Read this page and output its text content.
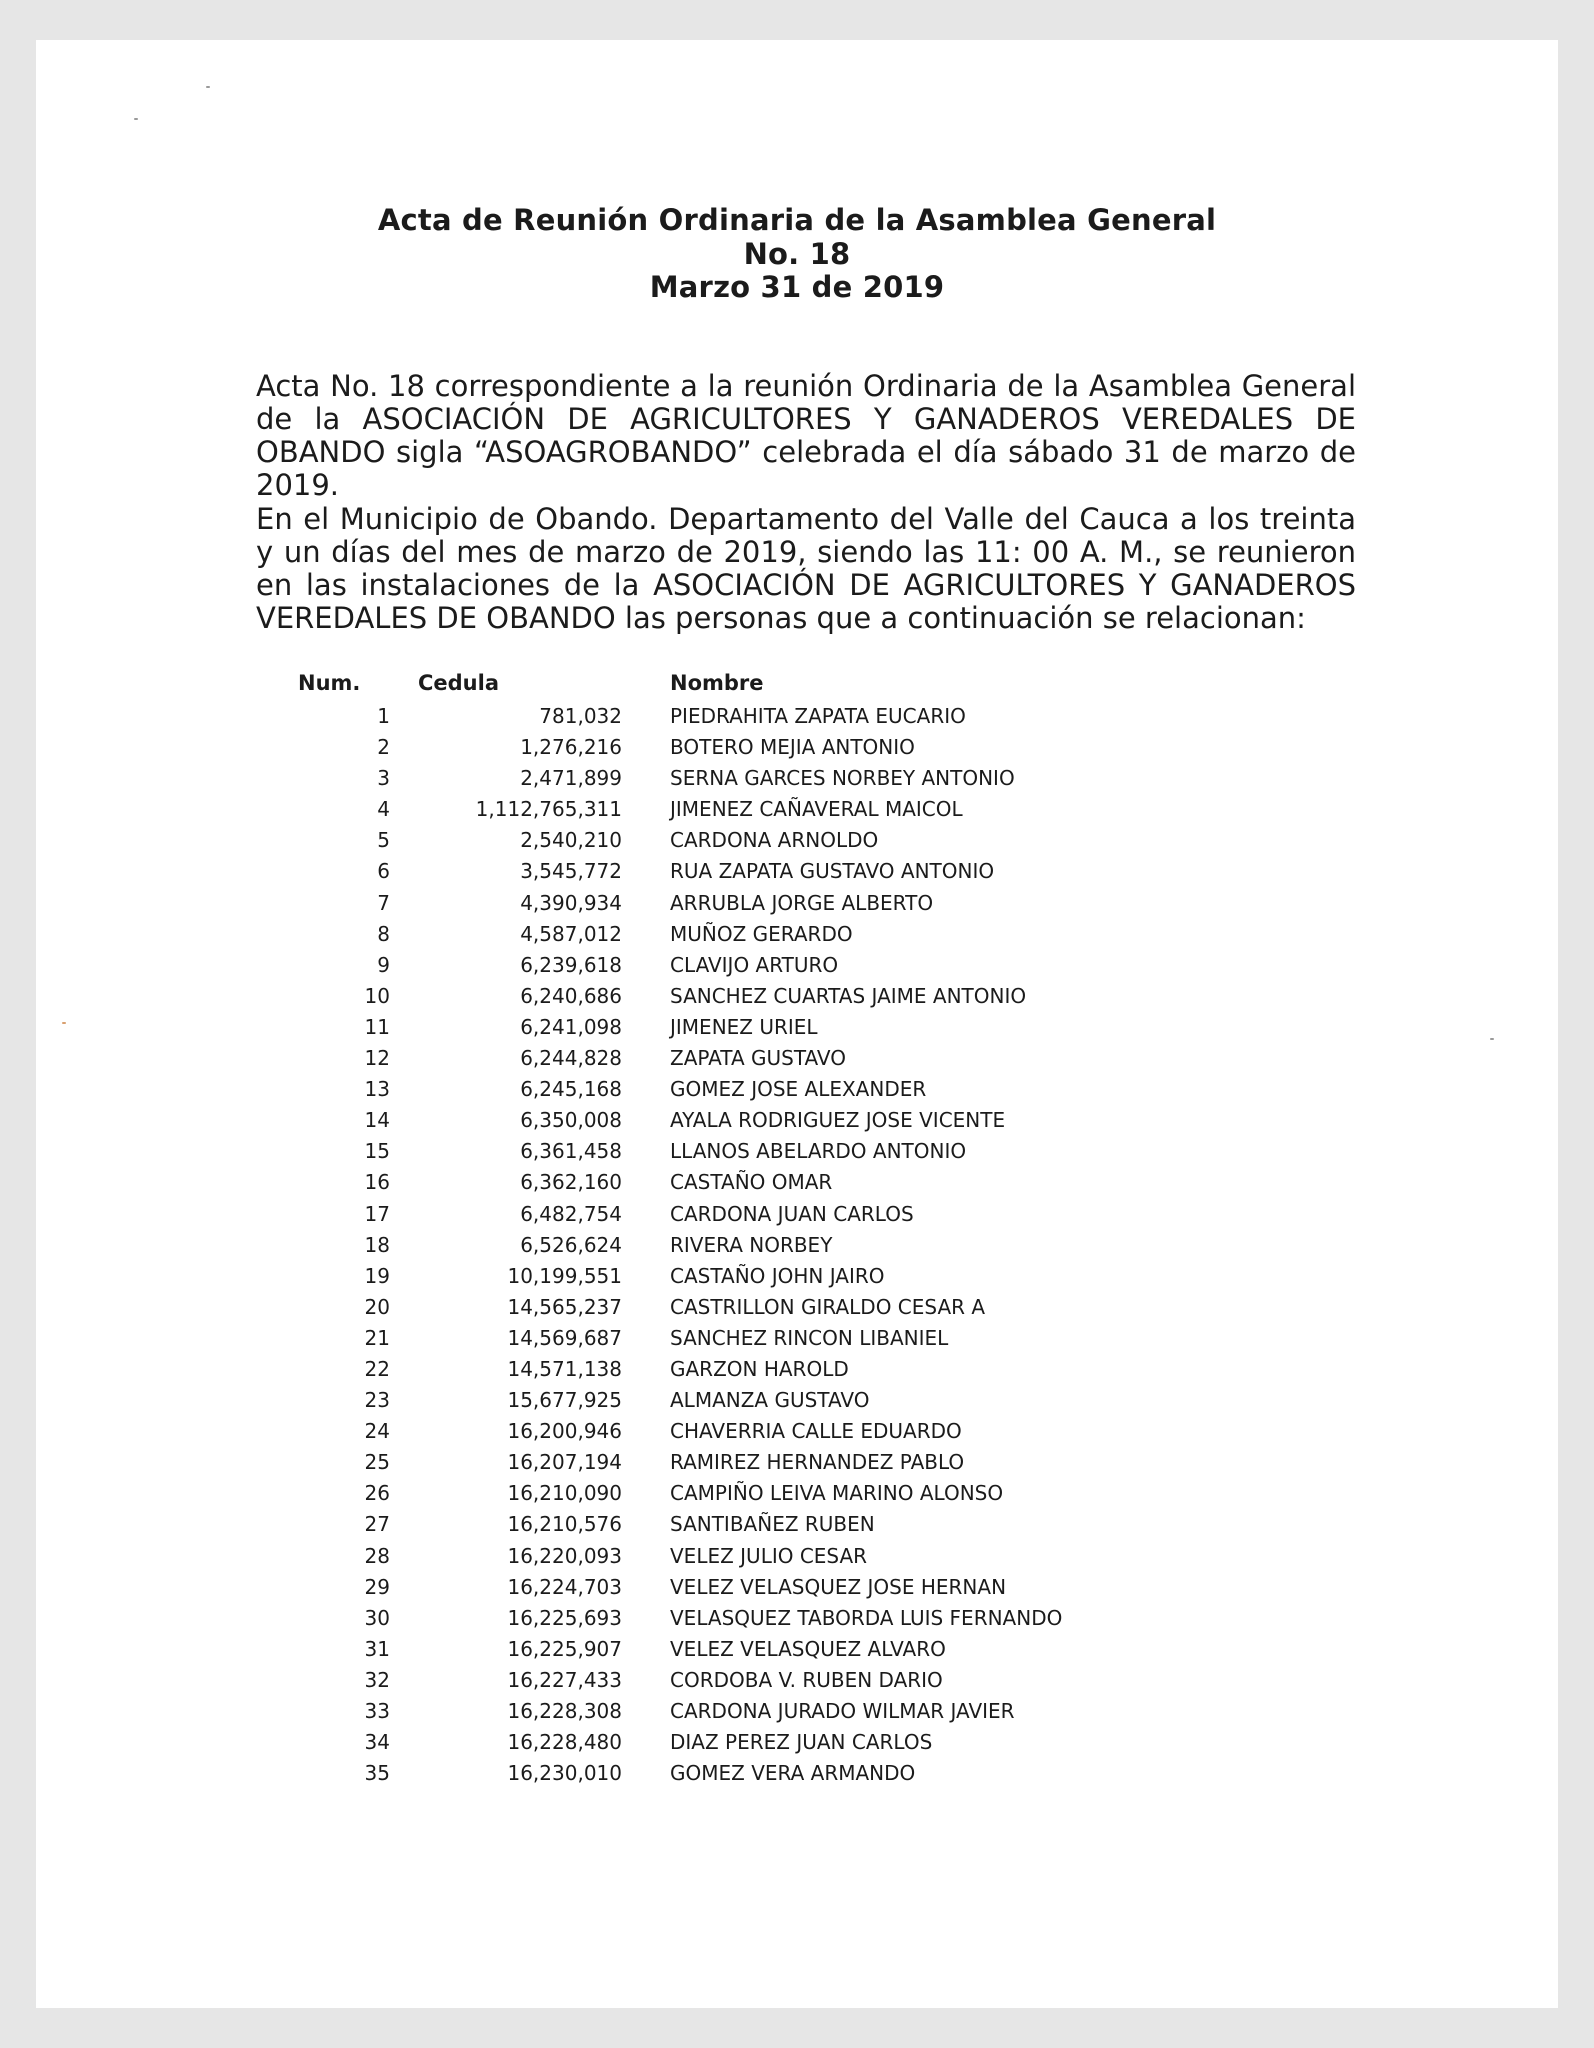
Acta de Reunión Ordinaria de la Asamblea General
No. 18
Marzo 31 de 2019

Acta No. 18 correspondiente a la reunión Ordinaria de la Asamblea General de la ASOCIACIÓN DE AGRICULTORES Y GANADEROS VEREDALES DE OBANDO sigla “ASOAGROBANDO” celebrada el día sábado 31 de marzo de 2019.

En el Municipio de Obando. Departamento del Valle del Cauca a los treinta y un días del mes de marzo de 2019, siendo las 11: 00 A. M., se reunieron en las instalaciones de la ASOCIACIÓN DE AGRICULTORES Y GANADEROS VEREDALES DE OBANDO las personas que a continuación se relacionan:

Num.	Cedula	Nombre
1	781,032 PIEDRAHITA ZAPATA EUCARIO
2	1,276,216 BOTERO MEJIA ANTONIO
3	2,471,899 SERNA GARCES NORBEY ANTONIO
4	1,112,765,311 JIMENEZ CAÑAVERAL MAICOL
5	2,540,210 CARDONA ARNOLDO
6	3,545,772 RUA ZAPATA GUSTAVO ANTONIO
7	4,390,934 ARRUBLA JORGE ALBERTO
8	4,587,012 MUÑOZ GERARDO
9	6,239,618 CLAVIJO ARTURO
10	6,240,686 SANCHEZ CUARTAS JAIME ANTONIO
11	6,241,098 JIMENEZ URIEL
12	6,244,828 ZAPATA GUSTAVO
13	6,245,168 GOMEZ JOSE ALEXANDER
14	6,350,008 AYALA RODRIGUEZ JOSE VICENTE
15	6,361,458 LLANOS ABELARDO ANTONIO
16	6,362,160 CASTAÑO OMAR
17	6,482,754 CARDONA JUAN CARLOS
18	6,526,624 RIVERA NORBEY
19	10,199,551 CASTAÑO JOHN JAIRO
20	14,565,237 CASTRILLON GIRALDO CESAR A
21	14,569,687 SANCHEZ RINCON LIBANIEL
22	14,571,138 GARZON HAROLD
23	15,677,925 ALMANZA GUSTAVO
24	16,200,946 CHAVERRIA CALLE EDUARDO
25	16,207,194 RAMIREZ HERNANDEZ PABLO
26	16,210,090 CAMPIÑO LEIVA MARINO ALONSO
27	16,210,576 SANTIBAÑEZ RUBEN
28	16,220,093 VELEZ JULIO CESAR
29	16,224,703 VELEZ VELASQUEZ JOSE HERNAN
30	16,225,693 VELASQUEZ TABORDA LUIS FERNANDO
31	16,225,907 VELEZ VELASQUEZ ALVARO
32	16,227,433 CORDOBA V. RUBEN DARIO
33	16,228,308 CARDONA JURADO WILMAR JAVIER
34	16,228,480 DIAZ PEREZ JUAN CARLOS
35	16,230,010 GOMEZ VERA ARMANDO
